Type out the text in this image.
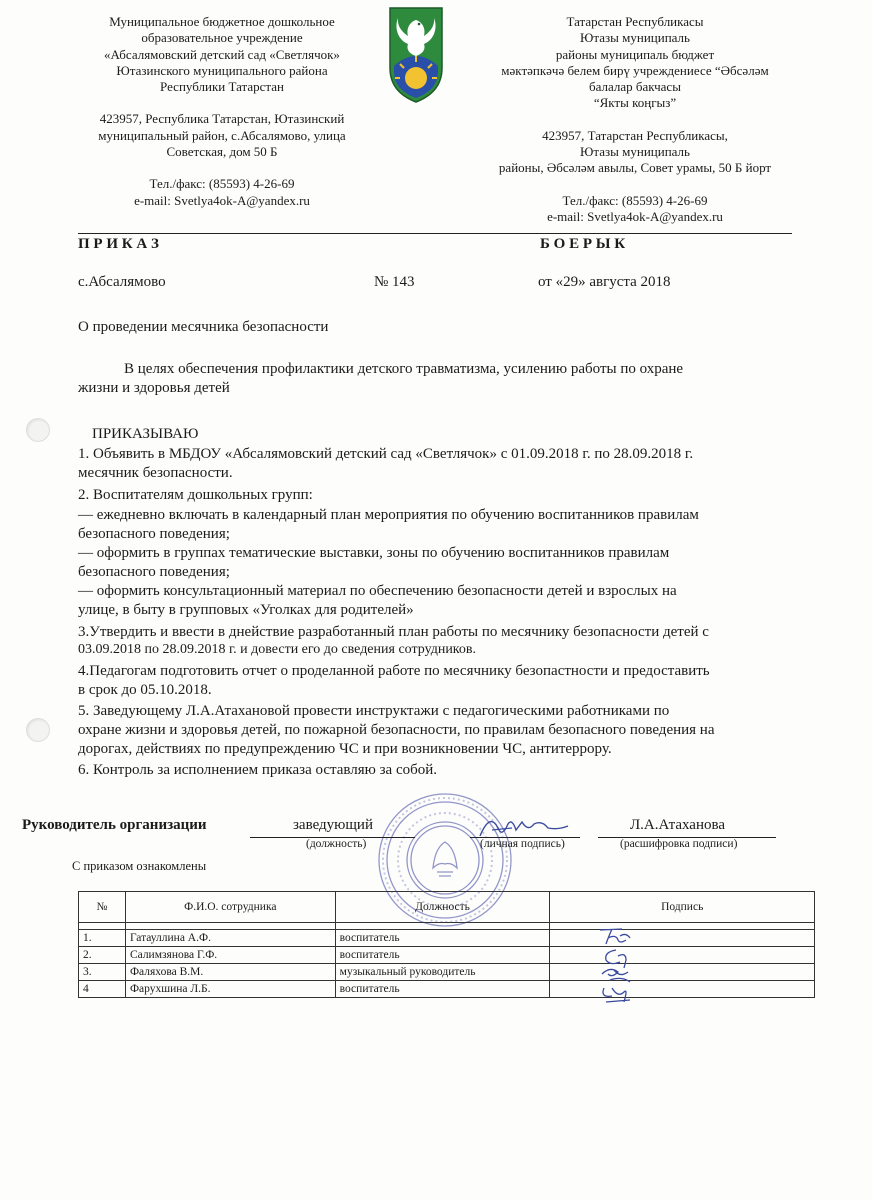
Муниципальное бюджетное дошкольное
образовательное учреждение
«Абсалямовский детский сад «Светлячок»
Ютазинского муниципального района
Республики Татарстан
423957, Республика Татарстан, Ютазинский
муниципальный район, с.Абсалямово, улица
Советская, дом 50 Б
Тел./факс: (85593) 4-26-69
e-mail: Svetlya4ok-A@yandex.ru
Татарстан Республикасы
Ютазы муниципаль
районы муниципаль бюджет
мәктәпкәчә белем бирү учреждениесе “Әбсәләм
балалар бакчасы
“Якты коңгыз”
423957, Татарстан Республикасы,
Ютазы муниципаль
районы, Әбсәләм авылы, Совет урамы, 50 Б йорт
Тел./факс: (85593) 4-26-69
e-mail: Svetlya4ok-A@yandex.ru
П Р И К А З	Б О Е Р Ы К
с.Абсалямово	№ 143	от «29» августа 2018
О проведении месячника безопасности
В целях обеспечения профилактики детского травматизма, усилению работы по охране
жизни и здоровья детей
ПРИКАЗЫВАЮ
1. Объявить в МБДОУ «Абсалямовский детский сад «Светлячок» с 01.09.2018 г. по 28.09.2018 г.
месячник безопасности.
2. Воспитателям дошкольных групп:
— ежедневно включать в календарный план мероприятия по обучению воспитанников правилам
безопасного поведения;
— оформить в группах тематические выставки, зоны по обучению воспитанников правилам
безопасного поведения;
— оформить консультационный материал по обеспечению безопасности детей и взрослых на
улице, в быту в групповых «Уголках для родителей»
3.Утвердить и ввести в днействие разработанный план работы по месячнику безопасности детей с
03.09.2018 по 28.09.2018 г. и довести его до сведения сотрудников.
4.Педагогам подготовить отчет о проделанной работе по месячнику безопастности и предоставить
в срок до 05.10.2018.
5. Заведующему Л.А.Атахановой провести инструктажи с педагогическими работниками по
охране жизни и здоровья детей, по пожарной безопасности, по правилам безопасного поведения на
дорогах, действиях по предупреждению ЧС и при возникновении ЧС, антитеррору.
6. Контроль за исполнением приказа оставляю за собой.
Руководитель организации	заведующий
(должность)	(личная подпись)
Л.А.Атаханова
(расшифровка подписи)
С приказом ознакомлены
№	Ф.И.О. сотрудника	Должность	Подпись

1.	Гатауллина А.Ф.	воспитатель	
2.	Салимзянова Г.Ф.	воспитатель	
3.	Фаляхова В.М.	музыкальный руководитель	
4	Фарухшина Л.Б.	воспитатель	
